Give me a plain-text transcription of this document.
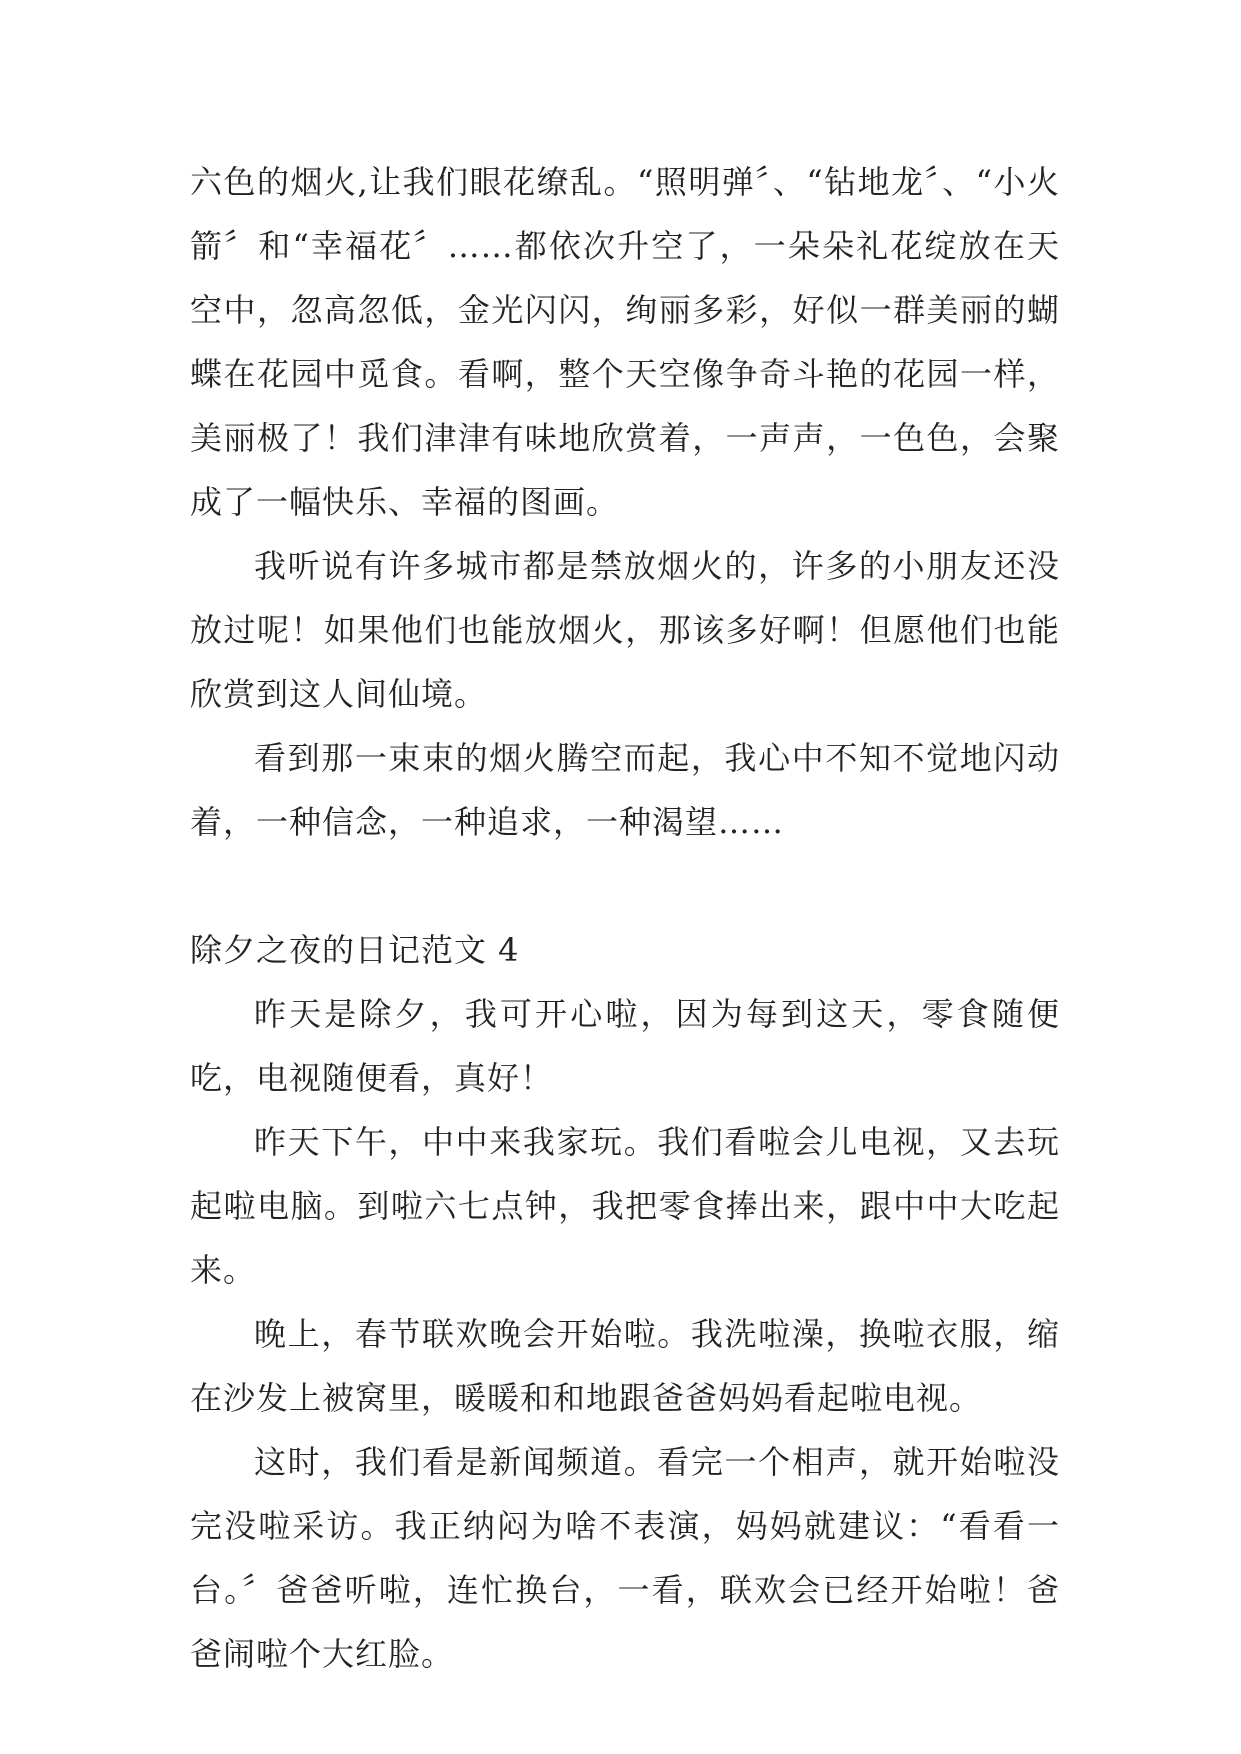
六色的烟火,让我们眼花缭乱。“照明弹〞、“钻地龙〞、“小火箭〞和“幸福花〞……都依次升空了，一朵朵礼花绽放在天空中，忽高忽低，金光闪闪，绚丽多彩，好似一群美丽的蝴蝶在花园中觅食。看啊，整个天空像争奇斗艳的花园一样，美丽极了！我们津津有味地欣赏着，一声声，一色色，会聚成了一幅快乐、幸福的图画。

我听说有许多城市都是禁放烟火的，许多的小朋友还没放过呢！如果他们也能放烟火，那该多好啊！但愿他们也能欣赏到这人间仙境。

看到那一束束的烟火腾空而起，我心中不知不觉地闪动着，一种信念，一种追求，一种渴望……

除夕之夜的日记范文 4

昨天是除夕，我可开心啦，因为每到这天，零食随便吃，电视随便看，真好！

昨天下午，中中来我家玩。我们看啦会儿电视，又去玩起啦电脑。到啦六七点钟，我把零食捧出来，跟中中大吃起来。

晚上，春节联欢晚会开始啦。我洗啦澡，换啦衣服，缩在沙发上被窝里，暖暖和和地跟爸爸妈妈看起啦电视。

这时，我们看是新闻频道。看完一个相声，就开始啦没完没啦采访。我正纳闷为啥不表演，妈妈就建议：“看看一台。〞爸爸听啦，连忙换台，一看，联欢会已经开始啦！爸爸闹啦个大红脸。
